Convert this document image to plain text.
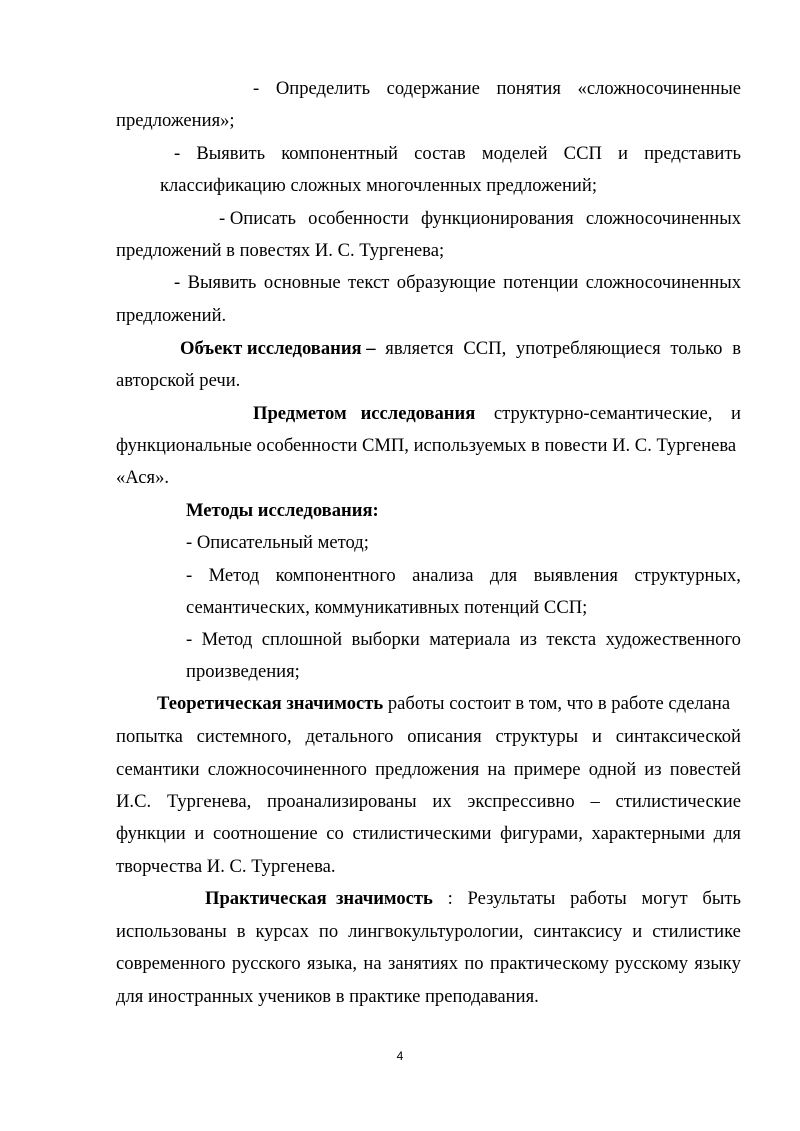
- Определить содержание понятия «сложносочиненные
предложения»;
- Выявить компонентный состав моделей ССП и представить
классификацию сложных многочленных предложений;
- Описать особенности функционирования сложносочиненных
предложений в повестях И. С. Тургенева;
- Выявить основные текст образующие потенции сложносочиненных
предложений.
Объект исследования – является ССП, употребляющиеся только в
авторской речи.
Предметом   исследования структурно-семантические, и
функциональные особенности СМП, используемых в повести И. С. Тургенева
«Ася».
Методы исследования:
- Описательный метод;
- Метод компонентного анализа для выявления структурных,
семантических, коммуникативных потенций ССП;
- Метод сплошной выборки материала из текста художественного
произведения;
Теоретическая значимость работы состоит в том, что в работе сделана
попытка системного, детального описания структуры и синтаксической
семантики сложносочиненного предложения на примере одной из повестей
И.С. Тургенева, проанализированы их экспрессивно – стилистические
функции и соотношение со стилистическими фигурами, характерными для
творчества И. С. Тургенева.
Практическая  значимость : Результаты работы могут быть
использованы в курсах по лингвокультурологии, синтаксису и стилистике
современного русского языка, на занятиях по практическому русскому языку
для иностранных учеников в практике преподавания.
4
